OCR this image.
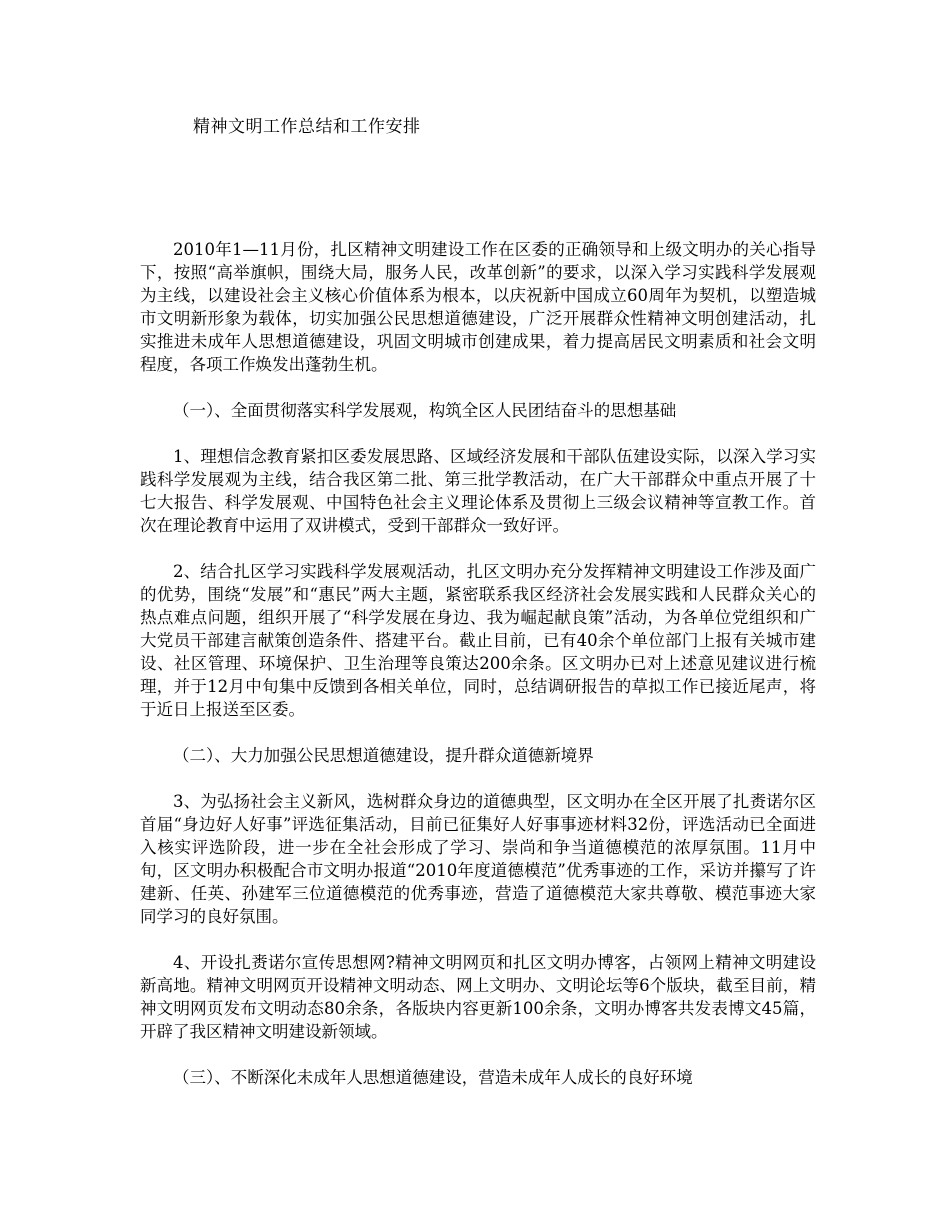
精神文明工作总结和工作安排

2010年1—11月份，扎区精神文明建设工作在区委的正确领导和上级文明办的关心指导下，按照“高举旗帜，围绕大局，服务人民，改革创新”的要求，以深入学习实践科学发展观为主线，以建设社会主义核心价值体系为根本，以庆祝新中国成立60周年为契机，以塑造城市文明新形象为载体，切实加强公民思想道德建设，广泛开展群众性精神文明创建活动，扎实推进未成年人思想道德建设，巩固文明城市创建成果，着力提高居民文明素质和社会文明程度，各项工作焕发出蓬勃生机。

（一）、全面贯彻落实科学发展观，构筑全区人民团结奋斗的思想基础

1、理想信念教育紧扣区委发展思路、区域经济发展和干部队伍建设实际，以深入学习实践科学发展观为主线，结合我区第二批、第三批学教活动，在广大干部群众中重点开展了十七大报告、科学发展观、中国特色社会主义理论体系及贯彻上三级会议精神等宣教工作。首次在理论教育中运用了双讲模式，受到干部群众一致好评。

2、结合扎区学习实践科学发展观活动，扎区文明办充分发挥精神文明建设工作涉及面广的优势，围绕“发展”和“惠民”两大主题，紧密联系我区经济社会发展实践和人民群众关心的热点难点问题，组织开展了“科学发展在身边、我为崛起献良策”活动，为各单位党组织和广大党员干部建言献策创造条件、搭建平台。截止目前，已有40余个单位部门上报有关城市建设、社区管理、环境保护、卫生治理等良策达200余条。区文明办已对上述意见建议进行梳理，并于12月中旬集中反馈到各相关单位，同时，总结调研报告的草拟工作已接近尾声，将于近日上报送至区委。

（二）、大力加强公民思想道德建设，提升群众道德新境界

3、为弘扬社会主义新风，选树群众身边的道德典型，区文明办在全区开展了扎赉诺尔区首届“身边好人好事”评选征集活动，目前已征集好人好事事迹材料32份，评选活动已全面进入核实评选阶段，进一步在全社会形成了学习、崇尚和争当道德模范的浓厚氛围。11月中旬，区文明办积极配合市文明办报道“2010年度道德模范”优秀事迹的工作，采访并攥写了许建新、任英、孙建军三位道德模范的优秀事迹，营造了道德模范大家共尊敬、模范事迹大家同学习的良好氛围。

4、开设扎赉诺尔宣传思想网?精神文明网页和扎区文明办博客，占领网上精神文明建设新高地。精神文明网页开设精神文明动态、网上文明办、文明论坛等6个版块，截至目前，精神文明网页发布文明动态80余条，各版块内容更新100余条，文明办博客共发表博文45篇，开辟了我区精神文明建设新领域。

（三）、不断深化未成年人思想道德建设，营造未成年人成长的良好环境
